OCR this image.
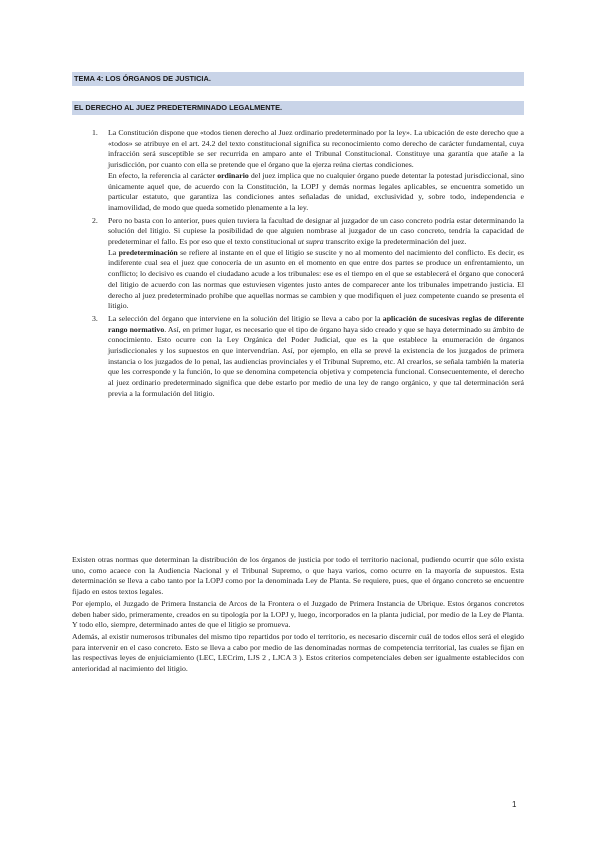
TEMA 4: LOS ÓRGANOS DE JUSTICIA.
EL DERECHO AL JUEZ PREDETERMINADO LEGALMENTE.
1. La Constitución dispone que «todos tienen derecho al Juez ordinario predeterminado por la ley». La ubicación de este derecho que a «todos» se atribuye en el art. 24.2 del texto constitucional significa su reconocimiento como derecho de carácter fundamental, cuya infracción será susceptible se ser recurrida en amparo ante el Tribunal Constitucional. Constituye una garantía que atañe a la jurisdicción, por cuanto con ella se pretende que el órgano que la ejerza reúna ciertas condiciones.

En efecto, la referencia al carácter ordinario del juez implica que no cualquier órgano puede detentar la potestad jurisdiccional, sino únicamente aquel que, de acuerdo con la Constitución, la LOPJ y demás normas legales aplicables, se encuentra sometido un particular estatuto, que garantiza las condiciones antes señaladas de unidad, exclusividad y, sobre todo, independencia e inamovilidad, de modo que queda sometido plenamente a la ley.

2. Pero no basta con lo anterior, pues quien tuviera la facultad de designar al juzgador de un caso concreto podría estar determinando la solución del litigio. Si cupiese la posibilidad de que alguien nombrase al juzgador de un caso concreto, tendría la capacidad de predeterminar el fallo. Es por eso que el texto constitucional ut supra transcrito exige la predeterminación del juez.

La predeterminación se refiere al instante en el que el litigio se suscite y no al momento del nacimiento del conflicto. Es decir, es indiferente cual sea el juez que conocería de un asunto en el momento en que entre dos partes se produce un enfrentamiento, un conflicto; lo decisivo es cuando el ciudadano acude a los tribunales: ese es el tiempo en el que se establecerá el órgano que conocerá del litigio de acuerdo con las normas que estuviesen vigentes justo antes de comparecer ante los tribunales impetrando justicia. El derecho al juez predeterminado prohíbe que aquellas normas se cambien y que modifiquen el juez competente cuando se presenta el litigio.

3. La selección del órgano que interviene en la solución del litigio se lleva a cabo por la aplicación de sucesivas reglas de diferente rango normativo. Así, en primer lugar, es necesario que el tipo de órgano haya sido creado y que se haya determinado su ámbito de conocimiento. Esto ocurre con la Ley Orgánica del Poder Judicial, que es la que establece la enumeración de órganos jurisdiccionales y los supuestos en que intervendrían. Así, por ejemplo, en ella se prevé la existencia de los juzgados de primera instancia o los juzgados de lo penal, las audiencias provinciales y el Tribunal Supremo, etc. Al crearlos, se señala también la materia que les corresponde y la función, lo que se denomina competencia objetiva y competencia funcional. Consecuentemente, el derecho al juez ordinario predeterminado significa que debe estarlo por medio de una ley de rango orgánico, y que tal determinación será previa a la formulación del litigio.

Existen otras normas que determinan la distribución de los órganos de justicia por todo el territorio nacional, pudiendo ocurrir que sólo exista uno, como acaece con la Audiencia Nacional y el Tribunal Supremo, o que haya varios, como ocurre en la mayoría de supuestos. Esta determinación se lleva a cabo tanto por la LOPJ como por la denominada Ley de Planta. Se requiere, pues, que el órgano concreto se encuentre fijado en estos textos legales.

Por ejemplo, el Juzgado de Primera Instancia de Arcos de la Frontera o el Juzgado de Primera Instancia de Ubrique. Estos órganos concretos deben haber sido, primeramente, creados en su tipología por la LOPJ y, luego, incorporados en la planta judicial, por medio de la Ley de Planta. Y todo ello, siempre, determinado antes de que el litigio se promueva.

Además, al existir numerosos tribunales del mismo tipo repartidos por todo el territorio, es necesario discernir cuál de todos ellos será el elegido para intervenir en el caso concreto. Esto se lleva a cabo por medio de las denominadas normas de competencia territorial, las cuales se fijan en las respectivas leyes de enjuiciamiento (LEC, LECrim, LJS 2 , LJCA 3 ). Estos criterios competenciales deben ser igualmente establecidos con anterioridad al nacimiento del litigio.

1
